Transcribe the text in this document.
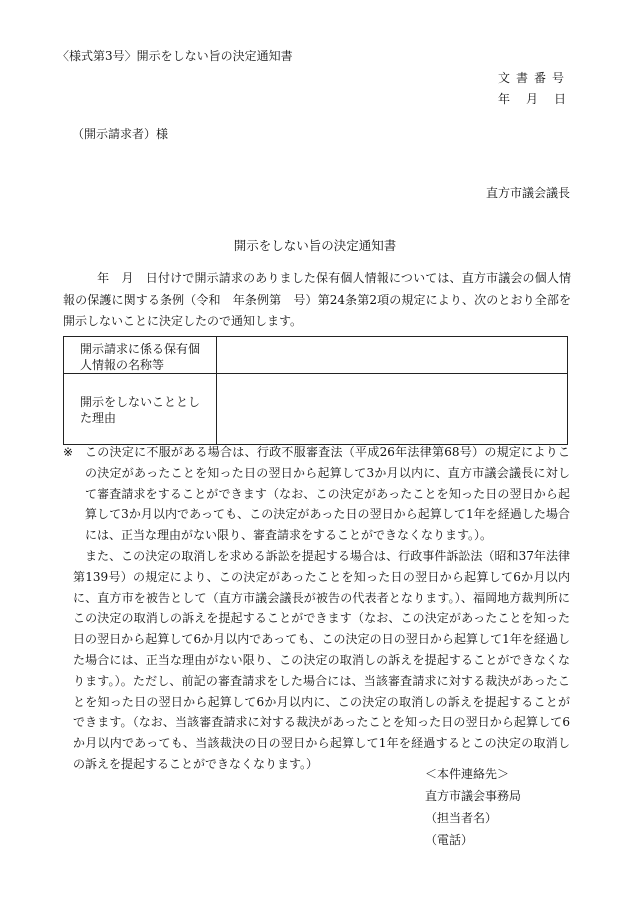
〈様式第3号〉開示をしない旨の決定通知書
文書番号
年　月　日
（開示請求者）様
直方市議会議長
開示をしない旨の決定通知書
年　月　日付けで開示請求のありました保有個人情報については、直方市議会の個人情報の保護に関する条例（令和　年条例第　号）第24条第2項の規定により、次のとおり全部を開示しないことに決定したので通知します。
開示請求に係る保有個人情報の名称等	
開示をしないこととした理由	
※ この決定に不服がある場合は、行政不服審査法（平成26年法律第68号）の規定によりこの決定があったことを知った日の翌日から起算して3か月以内に、直方市議会議長に対して審査請求をすることができます（なお、この決定があったことを知った日の翌日から起算して3か月以内であっても、この決定があった日の翌日から起算して1年を経過した場合には、正当な理由がない限り、審査請求をすることができなくなります。）。

また、この決定の取消しを求める訴訟を提起する場合は、行政事件訴訟法（昭和37年法律第139号）の規定により、この決定があったことを知った日の翌日から起算して6か月以内に、直方市を被告として（直方市議会議長が被告の代表者となります。）、福岡地方裁判所にこの決定の取消しの訴えを提起することができます（なお、この決定があったことを知った日の翌日から起算して6か月以内であっても、この決定の日の翌日から起算して1年を経過した場合には、正当な理由がない限り、この決定の取消しの訴えを提起することができなくなります。）。ただし、前記の審査請求をした場合には、当該審査請求に対する裁決があったことを知った日の翌日から起算して6か月以内に、この決定の取消しの訴えを提起することができます。（なお、当該審査請求に対する裁決があったことを知った日の翌日から起算して6か月以内であっても、当該裁決の日の翌日から起算して1年を経過するとこの決定の取消しの訴えを提起することができなくなります。）

＜本件連絡先＞
直方市議会事務局
（担当者名）
（電話）
